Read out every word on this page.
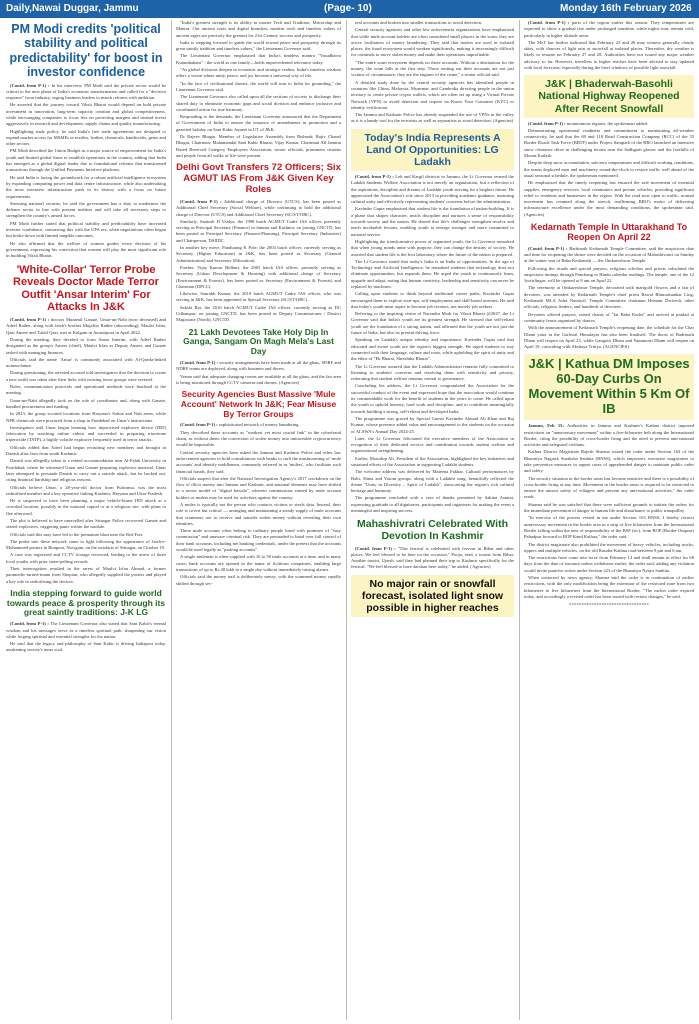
Daily,Nawai Duggar, Jammu	(Page- 10)	Monday 16th February 2026
PM Modi credits 'political stability and political predictability' for boost in investor confidence

(Contd. from P-1) : In his interview, PM Modi said the private sector would be critical to the next phase of India's economic transformation and called for a "decisive response" from industry, urging business leaders to match reforms with ambition.

He asserted that the journey toward Viksit Bharat would depend on bold private investment in innovation, long-term capacity creation and global competitiveness, while encouraging companies to focus less on protecting margins and instead invest aggressively in research and development, supply chains and quality manufacturing.

Highlighting trade policy, he said India's free trade agreements are designed to expand market access for MSMEs in textiles, leather, chemicals, handicrafts, gems and other sectors.

PM Modi described the Union Budget as a major source of empowerment for India's youth and limited global firms to establish operations in the country, adding that India has emerged as a global digital leader due to foundational reforms that transformed transactions through the Unified Payments Interface platform.

He said India is laying the groundwork for a robust artificial intelligence ecosystem by expanding computing power and data centre infrastructure, while also undertaking the most extensive infrastructure push in its history with a focus on future requirements.

Stressing national security, he said the government has a duty to modernise the defence sector in line with present realities and will take all necessary steps to strengthen the country's armed forces.

PM Modi further stated that political stability and predictability have increased investor confidence, contrasting this with the UPA era, when negotiations often began but broke down with limited tangible outcomes.

He also affirmed that the welfare of women guides every decision of his government, expressing his conviction that women will play the most significant role in building Viksit Bharat.

'White-Collar' Terror Probe Reveals Doctor Made Terror Outfit 'Ansar Interim' For Attacks In J&K

(Contd. from P-1) : doctors Muzamil Ganaie, Umar-un-Nabi (now deceased) and Adeel Rather, along with Jaish's brother Mujaffar Rather (absconding), Maulvi Irfan, Qazi Ameer and Tufail Qazi, met at Kulgam in Awantipora in April 2022.

During the meeting, they decided to form Ansar Interim, with Adeel Rather designated as the group's Ameer (chief), Maulvi Irfan as Deputy Ameer, and Ganaie tasked with managing finances.

Officials said the name 'Ansar' is commonly associated with Al-Qaeda-linked nomenclature.

During questioning, the arrested accused told investigators that the decision to create a new outfit was taken after their links with existing terror groups were severed.

Roles, communication protocols and operational methods were finalised at the meeting.

Umar-un-Nabi allegedly took on the role of coordinator and, along with Ganaie, handled procurement and funding.

In 2023, the group scouted locations from Haryana's Sohna and Nuh areas, while NPK chemicals were procured from a shop in Faridabad on Umar's instructions.

Investigators said Umar began learning how improvised explosive device (IED) fabrication by watching online videos and succeeded in preparing triacetone triperoxide (TATP), a highly volatile explosive frequently used in terror attacks.

Officials added that Adeel had begun recruiting new members and brought in Danish alias Jasir from south Kashmir.

Danish was allegedly taken to a rented accommodation near Al-Falah University in Faridabad, where he witnessed Umar and Ganaie preparing explosive material. Umar later attempted to persuade Danish to carry out a suicide attack, but he backed out, citing financial hardship and religious reasons.

Officials believe Umar, a 28-year-old doctor from Pulwama, was the most radicalised member and a key operative linking Kashmir, Haryana and Uttar Pradesh.

He is suspected to have been planning a major vehicle-borne IED attack at a crowded location, possibly in the national capital or at a religious site, with plans to flee afterward.

The plot is believed to have unravelled after Srinagar Police recovered Ganaie and seized explosives, triggering panic within the module.

Officials said this may have led to the premature blast near the Red Fort.

The probe into these network came to light following the appearance of Jaish-e-Mohammed posters in Bunpora, Nowgam, on the outskirts of Srinagar, on October 19.

A case was registered and CCTV footage reviewed, leading to the arrest of three local youths with prior stone-pelting records.

Their interrogation resulted in the arrest of Maulvi Irfan Ahmad, a former paramedic-turned-imam from Shopian, who allegedly supplied the posters and played a key role in radicalising the doctors.

India stepping forward to guide world towards peace & prosperity through its great saintly traditions: J-K LG

(Contd. from P-1) : The Lieutenant Governor also stated that Sant Kabir's eternal wisdom and his messages serve as a timeless spiritual path, sharpening our vision while forging spiritual and essential strengths for the nation.

He said that the legacy and philosophy of Sant Kabir is driving Indiapost today, awakening society's inner soul.

"India's greatest strength is its ability to master Tech and Tradition, Mirrorship and Mantra. Our ancient roots and digital branches, modern tools and timeless values of ancient sages are precisely the greatest for 21st Century success and prosperity.

India is stepping forward to guide the world toward peace and prosperity through its great saintly tradition and timeless values," the Lieutenant Governor said.

The Lieutenant Governor emphasised that India's timeless mantra "Vasudhaiva Kutumbakam" - the world as one family—holds unprecedented relevance today.

"As global divisions deepen in economic and strategic realms, India's timeless wisdom offers a vision where unity, peace, and joy become a universal way of life.

"In the face of civilisational threats, the world will turn to India for grounding," the Lieutenant Governor said.

The Lieutenant Governor also called upon all the sections of society to discharge their shared duty to eliminate economic gaps and social division and embrace inclusive and coordinated action for true harmony.

Responding to the demands, the Lieutenant Governor announced that the Department of Government of India to ensure the issuance of amendments in promotion and a gazetted holiday on Sant Kabir Jayanti in UT of J&K.

Dr Rajeev Bhagat, Member of Legislative Assembly from Bishnah; Rajiv Chanal Bhagat, Chairman; Mahamandal Sant Kabir Bharat; Vijay Kumar, Chairman All Jammu Based Reserved Category Employees Association, senior officials, prominent citizens and people from all walks of life were present.

Delhi Govt Transfers 72 Officers; Six AGMUT IAS From J&K Given Key Roles

(Contd. from P-1) : Additional charge of Director (UTCS), has been posted as Additional Chief Secretary (Social Welfare), while continuing to hold the additional charge of Director (UTCS) and Additional Chief Secretary (SC/ST/OBC).

Similarly, Santosh D Vaidya, the 1998 batch AGMUT Cadre IAS officer, presently serving as Principal Secretary (Finance) in Jammu and Kashmir, on joining GNCTD, has been posted as Principal Secretary (Finance/Planning), Principal Secretary (Industries) and Chairperson, DSIIDC.

In another key move, Pandurang K Pole, the 2004 batch officer, currently serving as Secretary (Higher Education) in J&K, has been posted as Secretary (General Administration) and Secretary (Education).

Further, Vijay Kumar Bidhuri, the 2005 batch IAS officer, presently serving as Secretary (Urban Development & Housing) with additional charge of Secretary (Environment & Forests), has been posted as Secretary (Environment & Forests) and Chairman (DPCC).

Likewise, Saurabh Kumar, the 2010 batch AGMUT Cadre IAS officer, who was serving in J&K, has been appointed as Special Secretary (SC/ST/OBC).

Sakshi Rai, the 2016 batch AGMUT Cadre IAS officer, currently serving as DC Udhampur, on joining GNCTD, has been posted as Deputy Commissioner / District Magistrate (North), GNCTD.

21 Lakh Devotees Take Holy Dip In Ganga, Sangam On Magh Mela's Last Day

(Contd. from P-1) : security arrangements have been made at all the ghats, SDRF and NDRF teams are deployed, along with boatmen and divers.

Verma said that adequate changing rooms are available at all the ghats, and the fair area is being monitored through CCTV cameras and drones. (Agencies)

Security Agencies Bust Massive 'Mule Account' Network In J&K; Fear Misuse By Terror Groups

(Contd. from P-1) : sophisticated network of money laundering.

They described these accounts as "weakest yet most crucial link" in the cyberfraud chain, as without them, the conversion of stolen money into untraceable cryptocurrency would be impossible.

Central security agencies have asked the Jammu and Kashmir Police and other law enforcement agencies to hold consultations with banks to curb the mushrooming of 'mule accounts' and identify middlemen, commonly referred to as 'mulers', who facilitate such financial frauds, they said.

Officials suspect that after the National Investigation Agency's 2017 crackdown on the flow of illicit money into Jammu and Kashmir, anti-national elements may have shifted to a newer model of "digital hawala", wherein commissions earned by mule account holders or mulers may be used for activities against the country.

A mules is typically not the person who contacts victims or steals data. Instead, their role is covert but critical — arranging and maintaining a steady supply of mule accounts that scammers use to receive and transfer stolen money without revealing their own identities.

These mule accounts often belong to ordinary people lured with promises of "easy commission" and unaware criminal risk. They are persuaded to hand over full control of their bank accounts, including net banking credentials, under the pretext that the accounts would be used legally as "parking accounts".

A single muleman is often supplied with 10 to 50 mule accounts at a time, and in many cases, bank accounts are opened in the name of fictitious companies, enabling large transactions of up to Rs 40 lakh in a single day without immediately raising alarms.

Officials said the money trail is deliberately messy, with the scammed money rapidly shifted through sev-

eral accounts and broken into smaller transactions to avoid detection.

Central security agencies and other law enforcement organizations have emphasized that while mule account holders are often considered small players in the scam, they are active facilitators of money laundering. They said that mulers are used in isolated places, the fraud ecosystem would weaken significantly, making it increasingly difficult for criminals to move stolen money and make their operations unprofitable.

"The entire scam ecosystem depends on these accounts. Without a destination for the money, the scam falls at the first step. Those renting out their accounts are not just victims of circumstance; they are the engines of the crime," a senior official said.

A detailed study done by the central security agencies has identified people in countries like China, Malaysia, Myanmar, and Cambodia directing people in the union territory to create private crypto wallets, which are often set up using a Virtual Private Network (VPN) to avoid detection and require no Know Your Customer (KYC) or identity verification.

The Jammu and Kashmir Police has already suspended the use of VPNs in the valley as it is a handy tool for the terrorists as well as separatists to avoid detection. (Agencies)

Today's India Represents A Land Of Opportunities: LG Ladakh

(Contd. from P-1) : Leh and Kargil districts in Jammu, the Lt Governor termed the Ladakh Students Welfare Association is not merely an organisation, but a reflection of the aspirations, discipline and dreams of Ladakhi youth striving for a brighter future. He appreciated the Association's role since 2013 in providing academic guidance, nurturing cultural unity and effectively representing students' concerns before the administration.

Kavinder Gupta emphasised that student life is the foundation of nation-building. It is a phase that shapes character, instils discipline and nurtures a sense of responsibility towards society and the nation. He shared that life's challenges strengthen resolve and teach invaluable lessons, enabling youth to emerge stronger and more committed to national service.

Highlighting the transformative power of organised youth, the Lt Governor remarked that when young minds unite with purpose, they can change the destiny of society. He asserted that student life is the first laboratory where the future of the nation is prepared.

The Lt Governor stated that today's India is an India of opportunities. In the age of Technology and Artificial Intelligence, he remarked students that technology does not eliminate opportunities, but expands them. He urged the youth to continuously learn, upgrade and adapt, noting that human creativity, leadership and sensitivity can never be replaced by machines.

Calling upon students to think beyond traditional career paths, Kavinder Gupta encouraged them to explore start-ups, self-employment and skill-based avenues. He said that today's youth must aspire to become job creators, not merely job seekers.

Referring to the inspiring vision of Narendra Modi for Viksit Bharat @2047, the Lt Governor said that India's youth are its greatest strength. He stressed that self-reliant youth are the foundation of a strong nation, and affirmed that the youth are not just the future of India, but also its present driving force.

Speaking on Ladakh's unique identity and importance, Kavinder Gupta said that educated and aware youth are the region's biggest strength. He urged students to stay connected with their language, culture and roots, while upholding the spirit of unity and the ethos of "Ek Bharat, Shreshtha Bharat".

The Lt Governor assured that the Ladakh Administration remains fully committed to listening to students' concerns and resolving them with sensitivity and priority, reiterating that student welfare remains central to governance.

Concluding his address, the Lt Governor congratulated the Association for the successful conduct of the event and expressed hope that the association would continue its commendable work for the benefit of students in the years to come. He called upon the youth to uphold honesty, hard work and discipline, and to contribute meaningfully towards building a strong, self-reliant and developed India.

The programme was graced by Special Guests Kavinder Ahmad Ali Khan and Raj Kumar, whose presence added value and encouragement to the students on the occasion of ALSWA's Annual Day 2024-25.

Later, the Lt Governor felicitated the executive members of the Association in recognition of their dedicated service and contribution towards student welfare and organisational strengthening.

Earlier, Mourdup Ali, President of the Association, highlighted the key initiatives and sustained efforts of the Association in supporting Ladakhi students.

The welcome address was delivered by Mateena Fakhar. Cultural performances by Balti, Shina and Yasom groups, along with a Ladakhi song, beautifully reflected the theme "Unity in Diversity – Spirit of Ladakh", showcasing the region's rich cultural heritage and harmony.

The programme concluded with a vote of thanks presented by Sakina Asmiat, expressing gratitude to all dignitaries, participants and organisers for making the event a meaningful and inspiring success.

Mahashivratri Celebrated With Devotion In Kashmir

(Contd. from P-1) : "This festival is celebrated with fervour in Bihar and other places. We feel blessed to be here on the occasion," Pooja, read, a tourist from Bihar. Another tourist, Upesh, said they had planned their trip to Kashmir specifically for the festival. "We feel blessed to have darshan here today," he added. (Agencies)

No major rain or snowfall forecast, isolated light snow possible in higher reaches

(Contd. from P-1) : parts of the region earlier this season. They temperatures are expected to show a gradual rise under prolonged sunshine, while nights may remain cold, particularly in higher altitude areas.

The MeT has further indicated that February 23 and 26 may witness generally cloudy skies, with chances of light rain or snowfall at isolated places. Thereafter, dry weather is likely to resume on February 27 and 28. Authorities have not issued any major weather advisory so far. However, travellers to higher reaches have been advised to stay updated with local forecasts, especially during the brief windows of possible light snowfall.

J&K | Bhaderwah-Basohli National Highway Reopened After Recent Snowfall

(Contd. from P-1) : mountainous regions, the spokesman added.

Demonstrating operational readiness and commitment to maintaining all-weather connectivity, he said that the 69 and 118 Road Construction Company (RCC) of the 35 Border Roads Task Force (BRTF) under Project Sampark of the BRO launched an intensive snow clearance drive in challenging terrain near the Sadhgarh glacier and the foothills of Mount Kailash.

Despite deep snow accumulation, sub-zero temperatures and difficult working conditions, the teams deployed men and machinery round-the-clock to restore traffic well ahead of the usual seasonal schedule, the spokesman mentioned.

He emphasised that the timely reopening has ensured the safe movement of essential supplies, emergency services, local commuters and private vehicles, providing significant relief to residents and businesses in the region. With the road now open to traffic, normal movement has resumed along the stretch, reaffirming BRO's motto of delivering infrastructure excellence under the most demanding conditions, the spokesman said. (Agencies)

Kedarnath Temple In Uttarakhand To Reopen On April 22

(Contd. from P-1) : Badrinath Kedarnath Temple Committee, said the auspicious date and time for reopening the shrine were decided on the occasion of Mahashivratri on Sunday at the winter seat of Baba Kedarnath — the Omkareshwar Temple.

Following the rituals and special prayers, religious scholars and priests calculated the auspicious timings through Panchang or Hindu calendar readings. The temple, one of the 12 Jyotirlingas, will be opened at 8 am on April 22.

The ceremony at Omkareshwar Temple, decorated with marigold flowers and a fair of devotees, was attended by Kedarnath Temple's chief priest Rawal Bhimashankar Ling, Kedarnath MLA Asha Nautiyal, Temple Committee chairman Hemant Dwivedi, other officials, religious leaders, and hundreds of devotees.

Devotees offered prayers, raised chants of "Jai Baba Kedar" and arrived at pradad at community feasts organised by donors.

With the announcement of Kedarnath Temple's reopening date, the schedule for the Char Dham yatra in the Garhwal Himalayas has also been finalised. The doors of Badrinath Dham will reopen on April 23, while Gangotri Dham and Yamunotri Dham will reopen on April 19, coinciding with Akshaya Tritiya. (AGENCIES)

J&K | Kathua DM Imposes 60-Day Curbs On Movement Within 5 Km Of IB

Jammu, Feb 15: Authorities in Jammu and Kashmir's Kathua district imposed restrictions on "unnecessary movement" within a five-kilometre belt along the International Border, citing the possibility of cross-border firing and the need to prevent anti-national activities and safeguard civilians.

Kathua District Magistrate Rajesh Sharma issued the order under Section 163 of the Bharatiya Nagarik Suraksha Sanhita (BNSS), which empowers executive magistrates to take preventive measures in urgent cases of apprehended danger to maintain public order and safety.

The security situation in the border areas has become sensitive and there is a possibility of cross-border firing at any time. Movement in the border areas is required to be restricted to ensure the utmost safety of villagers and prevent any anti-national activities," the order reads.

Sharma said he was satisfied that there were sufficient grounds to initiate the orders for the immediate prevention of danger to human life and disturbance to public tranquillity.

"In exercise of the powers vested in me under Section 163 BNSS, I hereby restrict unnecessary movement in the border area in a strip of five kilometres from the International Border falling within the area of responsibility of the BSF (sic), from BOP (Border Outpost) Pahadpur forward to BOP Kand Kathua," the order said.

The district magistrate also prohibited the movement of heavy vehicles, including trucks, tippers and multiple vehicles, on the old Rasoha-Kathua road between 9 pm and 6 am.

The restrictions have come into force from February 14 and shall remain in effect for 60 days from the date of issuance unless withdrawn earlier, the order said, adding any violation would invite punitive action under Section 223 of the Bharatiya Nyaya Sanhita.

When contacted by news agency, Sharma said the order is in continuation of earlier restrictions, with the only modification being the extension of the restricted zone from two kilometres to five kilometres from the International Border. "The earlier order expired today, and accordingly a revised order has been issued with certain changes," he said.

xxxxxxxxxxxxxxxxxxxxxxxxxxxxxxxx
